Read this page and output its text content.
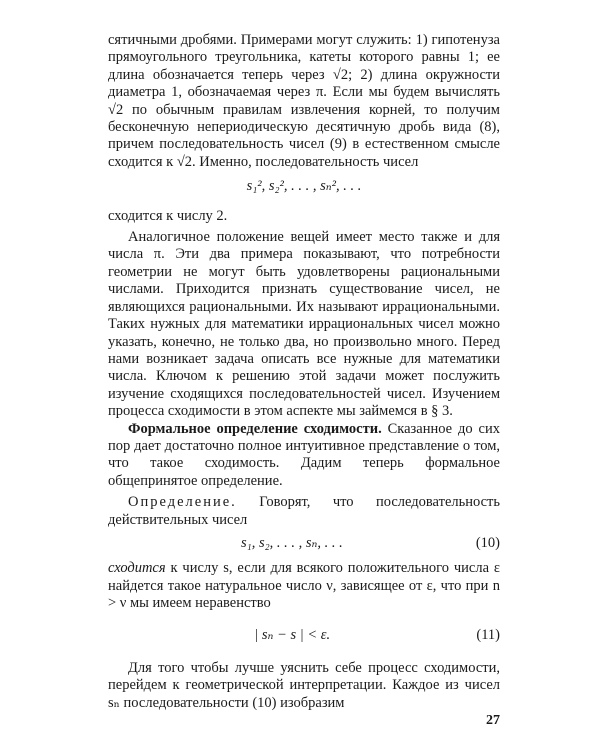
сятичными дробями. Примерами могут служить: 1) гипотенуза прямоугольного треугольника, катеты которого равны 1; ее длина обозначается теперь через √2; 2) длина окружности диаметра 1, обозначаемая через π. Если мы будем вычислять √2 по обычным правилам извлечения корней, то получим бесконечную непериодическую десятичную дробь вида (8), причем последовательность чисел (9) в естественном смысле сходится к √2. Именно, последовательность чисел

s₁², s₂², . . . , sₙ², . . .

сходится к числу 2.

Аналогичное положение вещей имеет место также и для числа π. Эти два примера показывают, что потребности геометрии не могут быть удовлетворены рациональными числами. Приходится признать существование чисел, не являющихся рациональными. Их называют иррациональными. Таких нужных для математики иррациональных чисел можно указать, конечно, не только два, но произвольно много. Перед нами возникает задача описать все нужные для математики числа. Ключом к решению этой задачи может послужить изучение сходящихся последовательностей чисел. Изучением процесса сходимости в этом аспекте мы займемся в § 3.

Формальное определение сходимости. Сказанное до сих пор дает достаточно полное интуитивное представление о том, что такое сходимость. Дадим теперь формальное общепринятое определение.

Определение. Говорят, что последовательность действительных чисел

s₁, s₂, . . . , sₙ, . . .	(10)

сходится к числу s, если для всякого положительного числа ε найдется такое натуральное число ν, зависящее от ε, что при n > ν мы имеем неравенство

| sₙ − s | < ε.	(11)

Для того чтобы лучше уяснить себе процесс сходимости, перейдем к геометрической интерпретации. Каждое из чисел sₙ последовательности (10) изобразим

27
